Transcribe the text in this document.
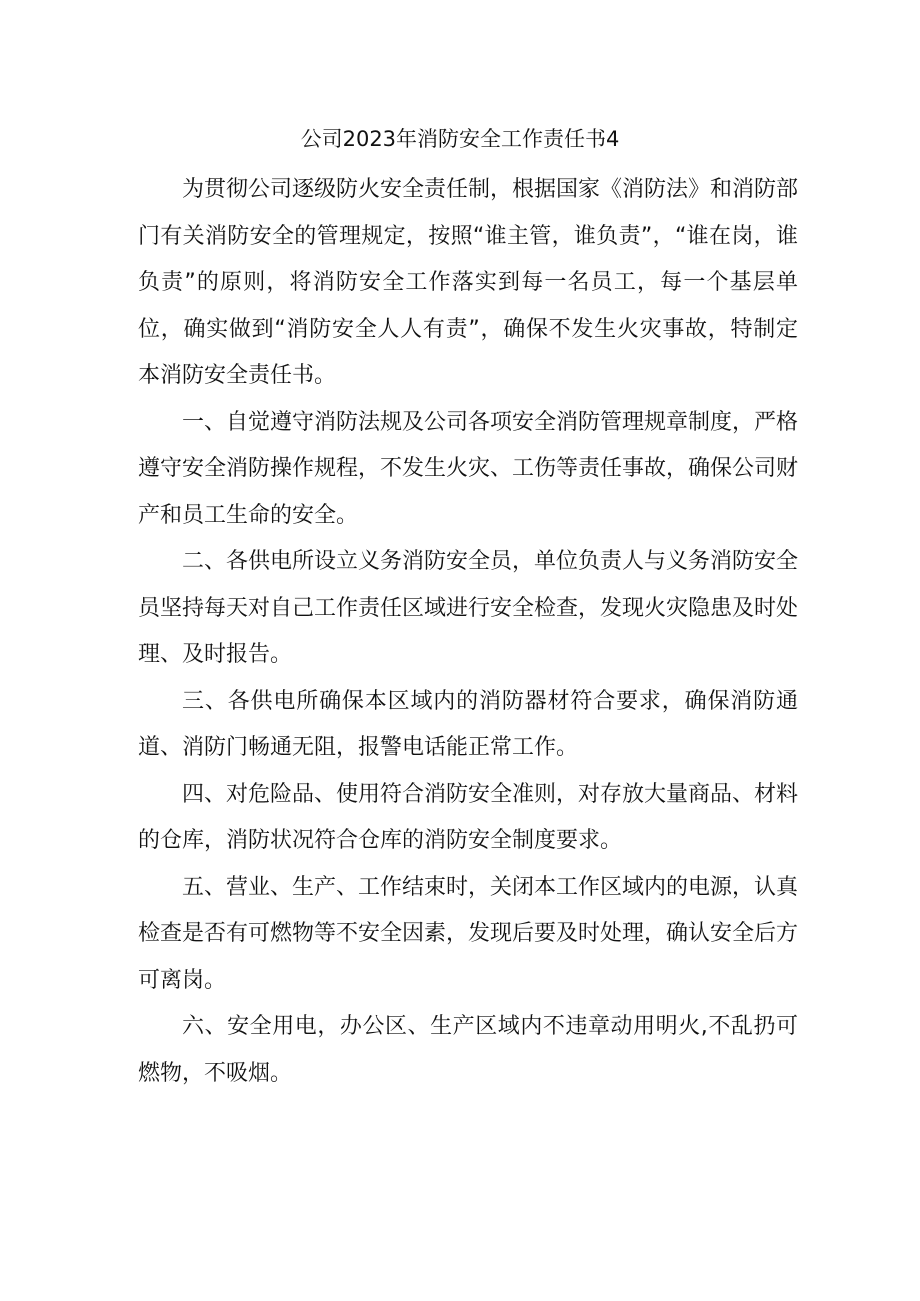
公司2023年消防安全工作责任书4

为贯彻公司逐级防火安全责任制，根据国家《消防法》和消防部门有关消防安全的管理规定，按照“谁主管，谁负责”，“谁在岗，谁负责”的原则，将消防安全工作落实到每一名员工，每一个基层单位，确实做到“消防安全人人有责”，确保不发生火灾事故，特制定本消防安全责任书。

一、自觉遵守消防法规及公司各项安全消防管理规章制度，严格遵守安全消防操作规程，不发生火灾、工伤等责任事故，确保公司财产和员工生命的安全。

二、各供电所设立义务消防安全员，单位负责人与义务消防安全员坚持每天对自己工作责任区域进行安全检查，发现火灾隐患及时处理、及时报告。

三、各供电所确保本区域内的消防器材符合要求，确保消防通道、消防门畅通无阻，报警电话能正常工作。

四、对危险品、使用符合消防安全准则，对存放大量商品、材料的仓库，消防状况符合仓库的消防安全制度要求。

五、营业、生产、工作结束时，关闭本工作区域内的电源，认真检查是否有可燃物等不安全因素，发现后要及时处理，确认安全后方可离岗。

六、安全用电，办公区、生产区域内不违章动用明火,不乱扔可燃物，不吸烟。
